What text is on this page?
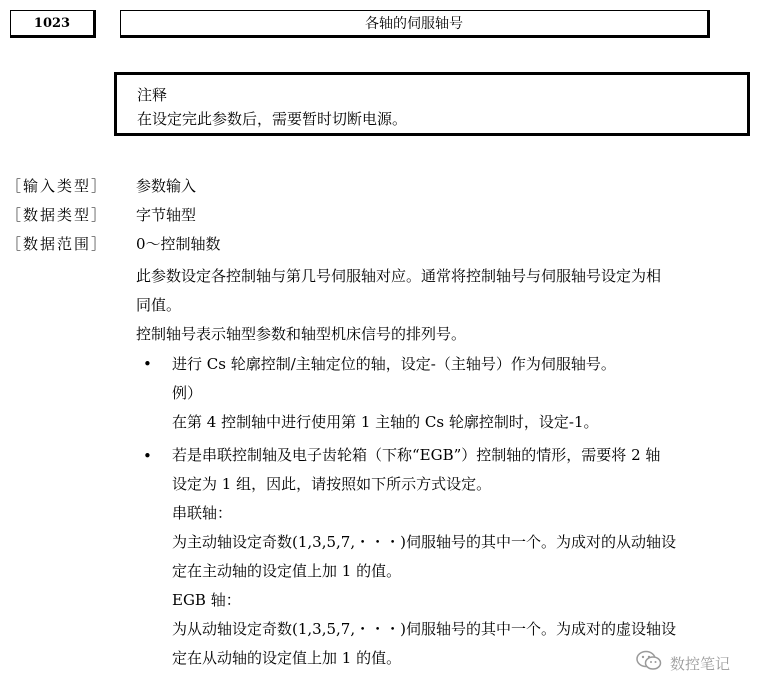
1023	各轴的伺服轴号
注释
在设定完此参数后，需要暂时切断电源。
［输入类型］ 参数输入
［数据类型］ 字节轴型
［数据范围］ 0～控制轴数
此参数设定各控制轴与第几号伺服轴对应。通常将控制轴号与伺服轴号设定为相
同值。
控制轴号表示轴型参数和轴型机床信号的排列号。
• 进行 Cs 轮廓控制/主轴定位的轴，设定-（主轴号）作为伺服轴号。
例）
在第 4 控制轴中进行使用第 1 主轴的 Cs 轮廓控制时，设定-1。
• 若是串联控制轴及电子齿轮箱（下称“EGB”）控制轴的情形，需要将 2 轴
设定为 1 组，因此，请按照如下所示方式设定。
串联轴：
为主动轴设定奇数(1,3,5,7,・・・)伺服轴号的其中一个。为成对的从动轴设
定在主动轴的设定值上加 1 的值。
EGB 轴：
为从动轴设定奇数(1,3,5,7,・・・)伺服轴号的其中一个。为成对的虚设轴设
定在从动轴的设定值上加 1 的值。	数控笔记
